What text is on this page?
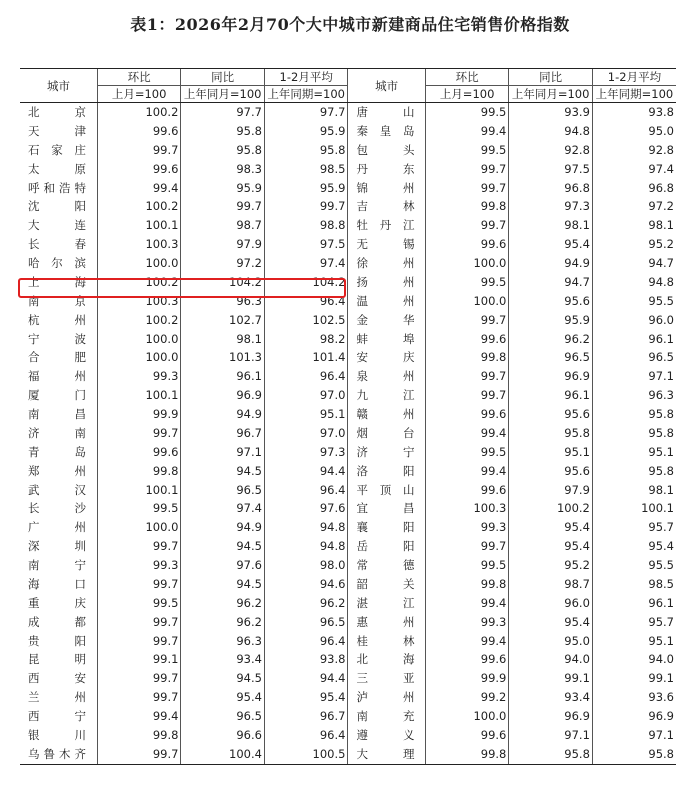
表1：2026年2月70个大中城市新建商品住宅销售价格指数
城市	环比	同比	1-2月平均	城市	环比	同比	1-2月平均
	上月=100	上年同月=100	上年同期=100		上月=100	上年同月=100	上年同期=100
北　京	100.2	97.7	97.7	唐　山	99.5	93.9	93.8
天　津	99.6	95.8	95.9	秦皇岛	99.4	94.8	95.0
石家庄	99.7	95.8	95.8	包　头	99.5	92.8	92.8
太　原	99.6	98.3	98.5	丹　东	99.7	97.5	97.4
呼和浩特	99.4	95.9	95.9	锦　州	99.7	96.8	96.8
沈　阳	100.2	99.7	99.7	吉　林	99.8	97.3	97.2
大　连	100.1	98.7	98.8	牡丹江	99.7	98.1	98.1
长　春	100.3	97.9	97.5	无　锡	99.6	95.4	95.2
哈尔滨	100.0	97.2	97.4	徐　州	100.0	94.9	94.7
上　海	100.2	104.2	104.2	扬　州	99.5	94.7	94.8
南　京	100.3	96.3	96.4	温　州	100.0	95.6	95.5
杭　州	100.2	102.7	102.5	金　华	99.7	95.9	96.0
宁　波	100.0	98.1	98.2	蚌　埠	99.6	96.2	96.1
合　肥	100.0	101.3	101.4	安　庆	99.8	96.5	96.5
福　州	99.3	96.1	96.4	泉　州	99.7	96.9	97.1
厦　门	100.1	96.9	97.0	九　江	99.7	96.1	96.3
南　昌	99.9	94.9	95.1	赣　州	99.6	95.6	95.8
济　南	99.7	96.7	97.0	烟　台	99.4	95.8	95.8
青　岛	99.6	97.1	97.3	济　宁	99.5	95.1	95.1
郑　州	99.8	94.5	94.4	洛　阳	99.4	95.6	95.8
武　汉	100.1	96.5	96.4	平顶山	99.6	97.9	98.1
长　沙	99.5	97.4	97.6	宜　昌	100.3	100.2	100.1
广　州	100.0	94.9	94.8	襄　阳	99.3	95.4	95.7
深　圳	99.7	94.5	94.8	岳　阳	99.7	95.4	95.4
南　宁	99.3	97.6	98.0	常　德	99.5	95.2	95.5
海　口	99.7	94.5	94.6	韶　关	99.8	98.7	98.5
重　庆	99.5	96.2	96.2	湛　江	99.4	96.0	96.1
成　都	99.7	96.2	96.5	惠　州	99.3	95.4	95.7
贵　阳	99.7	96.3	96.4	桂　林	99.4	95.0	95.1
昆　明	99.1	93.4	93.8	北　海	99.6	94.0	94.0
西　安	99.7	94.5	94.4	三　亚	99.9	99.1	99.1
兰　州	99.7	95.4	95.4	泸　州	99.2	93.4	93.6
西　宁	99.4	96.5	96.7	南　充	100.0	96.9	96.9
银　川	99.8	96.6	96.4	遵　义	99.6	97.1	97.1
乌鲁木齐	99.7	100.4	100.5	大　理	99.8	95.8	95.8
